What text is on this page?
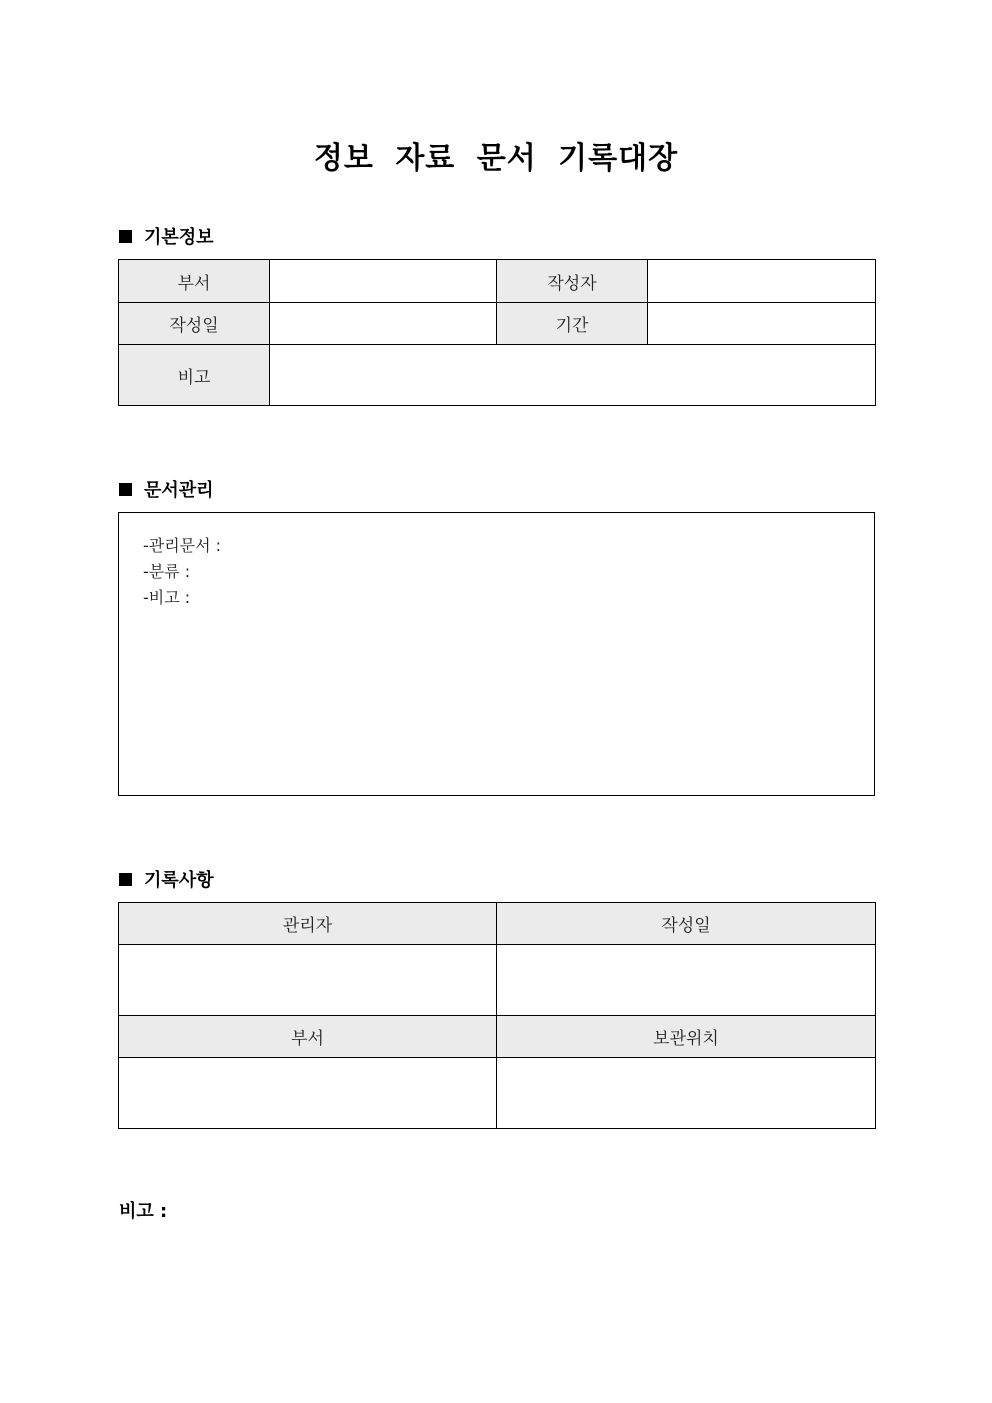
정보 자료 문서 기록대장
기본정보
부서		작성자	
작성일		기간	
비고			
문서관리
-관리문서 :
-분류 :
-비고 :
기록사항
관리자	작성일

부서	보관위치

비고 :
